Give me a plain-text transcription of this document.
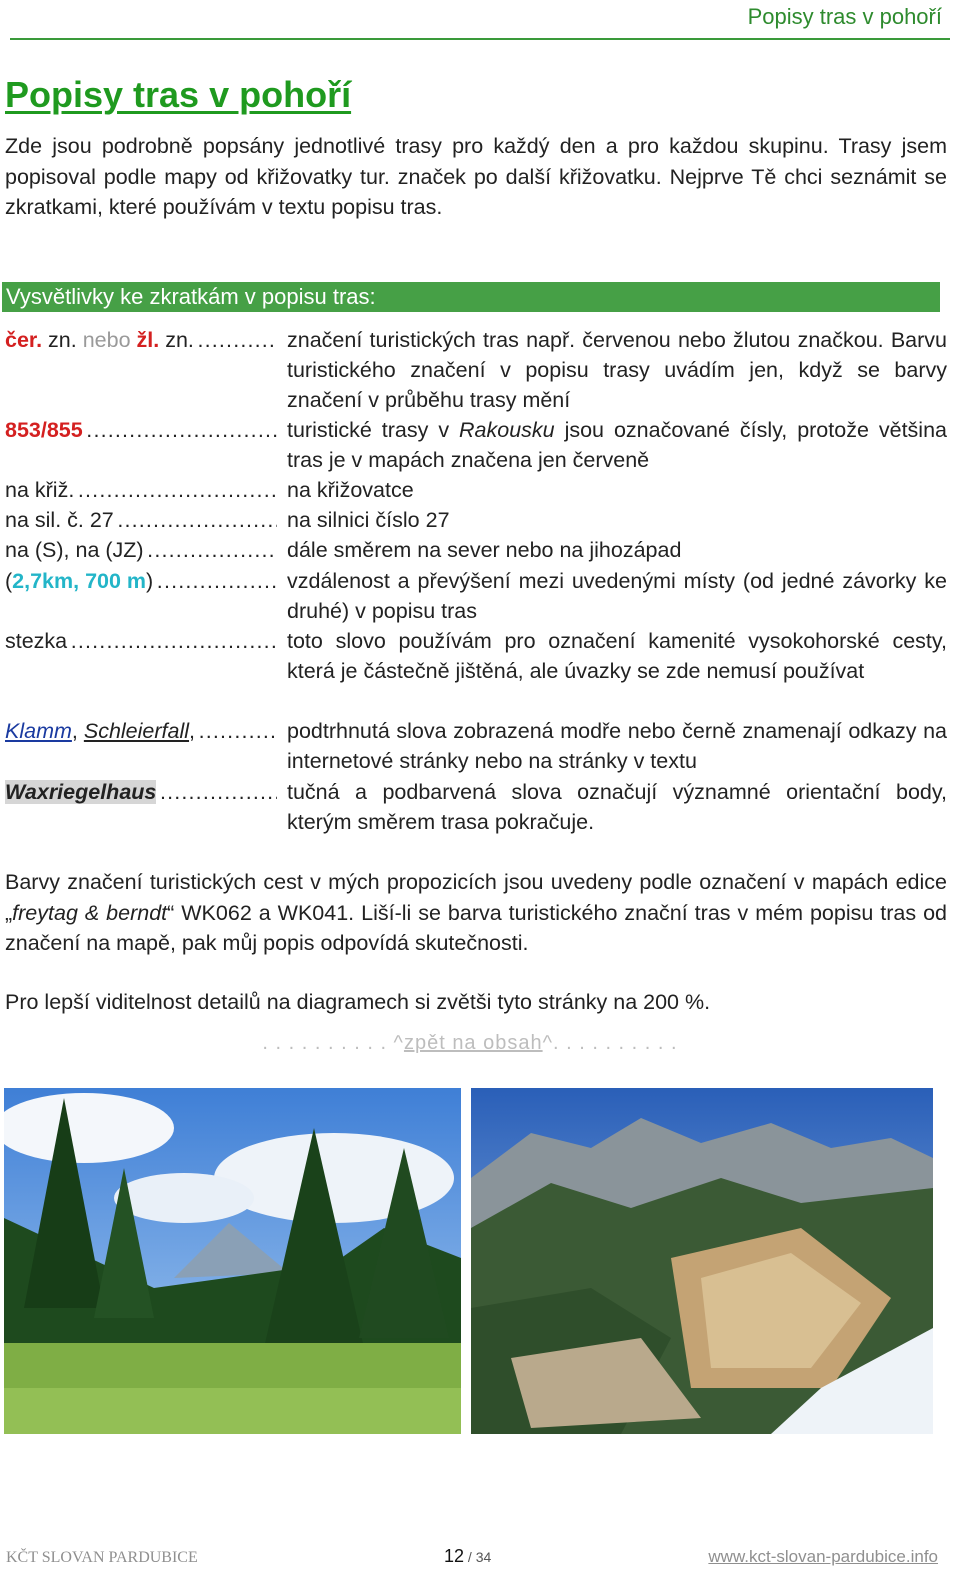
Popisy tras v pohoří
Popisy tras v pohoří

Zde jsou podrobně popsány jednotlivé trasy pro každý den a pro každou skupinu. Trasy jsem popisoval podle mapy od křižovatky tur. značek po další křižovatku. Nejprve Tě chci seznámit se zkratkami, které používám v textu popisu tras.

Vysvětlivky ke zkratkám v popisu tras:
čer. zn. nebo žl. zn. . . .	značení turistických tras např. červenou nebo žlutou značkou. Barvu turistického značení v popisu trasy uvádím jen, když se barvy značení v průběhu trasy mění
853/855 . . .	turistické trasy v Rakousku jsou označované čísly, protože většina tras je v mapách značena jen červeně
na křiž. . . .	na křižovatce
na sil. č. 27 . . .	na silnici číslo 27
na (S), na (JZ) . . .	dále směrem na sever nebo na jihozápad
(2,7km, 700 m) . . .	vzdálenost a převýšení mezi uvedenými místy (od jedné závorky ke druhé) v popisu tras
stezka . . .	toto slovo používám pro označení kamenité vysokohorské cesty, která je částečně jištěná, ale úvazky se zde nemusí používat
Klamm, Schleierfall, . . .	podtrhnutá slova zobrazená modře nebo černě znamenají odkazy na internetové stránky nebo na stránky v textu
Waxriegelhaus . . .	tučná a podbarvená slova označují významné orientační body, kterým směrem trasa pokračuje.

Barvy značení turistických cest v mých propozicích jsou uvedeny podle označení v mapách edice „freytag & berndt“ WK062 a WK041. Liší-li se barva turistického znační tras v mém popisu tras od značení na mapě, pak můj popis odpovídá skutečnosti.

Pro lepší viditelnost detailů na diagramech si zvětši tyto stránky na 200 %.

. . . . . . . . . . ^zpět na obsah^. . . . . . . . . .
KČT SLOVAN PARDUBICE	12 / 34	www.kct-slovan-pardubice.info
